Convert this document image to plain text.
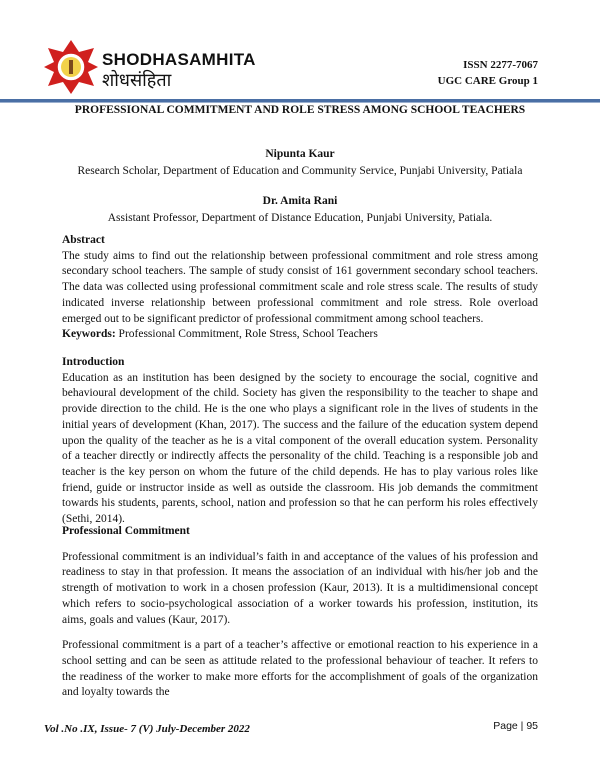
SHODHASAMHITA
शोधसंहिता
ISSN 2277-7067
UGC CARE Group 1
PROFESSIONAL COMMITMENT AND ROLE STRESS AMONG SCHOOL TEACHERS
Nipunta Kaur
Research Scholar, Department of Education and Community Service, Punjabi University, Patiala
Dr. Amita Rani
Assistant Professor, Department of Distance Education, Punjabi University, Patiala.

Abstract

The study aims to find out the relationship between professional commitment and role stress among secondary school teachers. The sample of study consist of 161 government secondary school teachers. The data was collected using professional commitment scale and role stress scale. The results of study indicated inverse relationship between professional commitment and role stress. Role overload emerged out to be significant predictor of professional commitment among school teachers.

Keywords: Professional Commitment, Role Stress, School Teachers

Introduction

Education as an institution has been designed by the society to encourage the social, cognitive and behavioural development of the child. Society has given the responsibility to the teacher to shape and provide direction to the child. He is the one who plays a significant role in the lives of students in the initial years of development (Khan, 2017). The success and the failure of the education system depend upon the quality of the teacher as he is a vital component of the overall education system. Personality of a teacher directly or indirectly affects the personality of the child. Teaching is a responsible job and teacher is the key person on whom the future of the child depends. He has to play various roles like friend, guide or instructor inside as well as outside the classroom. His job demands the commitment towards his students, parents, school, nation and profession so that he can perform his roles effectively (Sethi, 2014).

Professional Commitment

Professional commitment is an individual’s faith in and acceptance of the values of his profession and readiness to stay in that profession. It means the association of an individual with his/her job and the strength of motivation to work in a chosen profession (Kaur, 2013). It is a multidimensional concept which refers to socio-psychological association of a worker towards his profession, institution, its aims, goals and values (Kaur, 2017).

Professional commitment is a part of a teacher’s affective or emotional reaction to his experience in a school setting and can be seen as attitude related to the professional behaviour of teacher. It refers to the readiness of the worker to make more efforts for the accomplishment of goals of the organization and loyalty towards the

Vol .No .IX, Issue- 7 (V) July-December 2022	Page | 95
